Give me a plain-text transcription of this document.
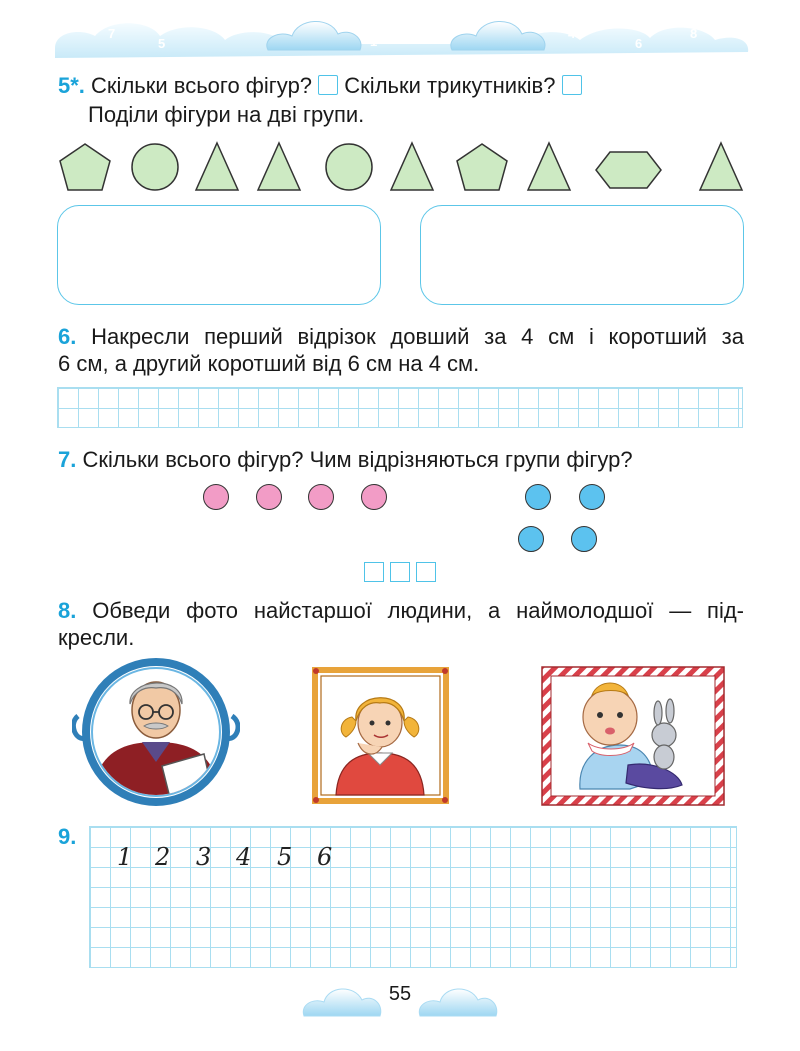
7
5
3
1
0
2	4
6
8
5*. Скільки всього фігур? Скільки трикутників?
Поділи фігури на дві групи.
6. Накресли перший відрізок довший за 4 см і коротший за
6 см, а другий коротший від 6 см на 4 см.
7. Скільки всього фігур? Чим відрізняються групи фігур?
8. Обведи фото найстаршої людини, а наймолодшої — під-
кресли.
9.
1 2 3 4 5 6
55
